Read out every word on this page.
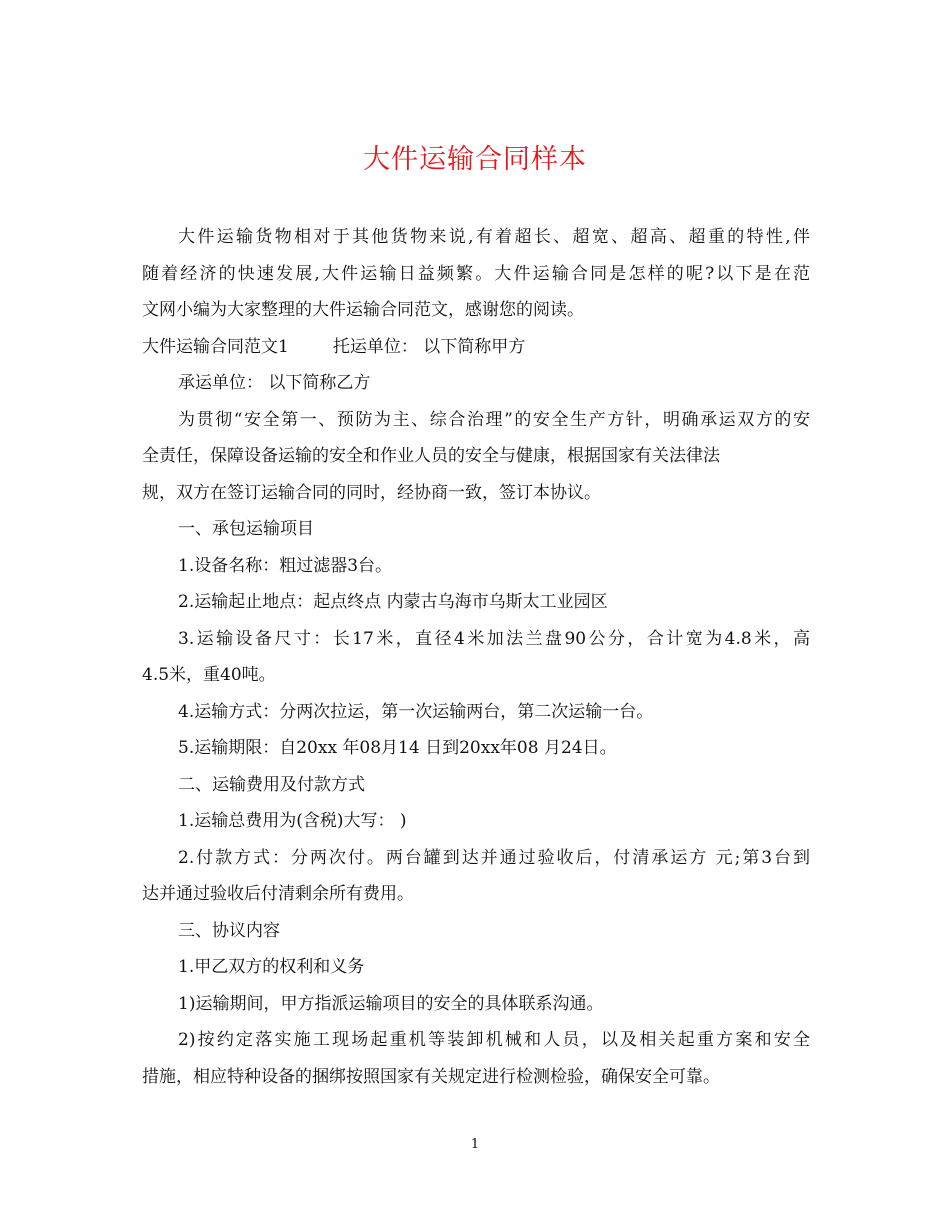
大件运输合同样本

大件运输货物相对于其他货物来说,有着超长、超宽、超高、超重的特性,伴

随着经济的快速发展,大件运输日益频繁。大件运输合同是怎样的呢?以下是在范

文网小编为大家整理的大件运输合同范文，感谢您的阅读。

大件运输合同范文1	托运单位： 以下简称甲方

承运单位： 以下简称乙方

为贯彻“安全第一、预防为主、综合治理”的安全生产方针，明确承运双方的安

全责任，保障设备运输的安全和作业人员的安全与健康，根据国家有关法律法

规，双方在签订运输合同的同时，经协商一致，签订本协议。

一、承包运输项目

1.设备名称：粗过滤器3台。

2.运输起止地点：起点终点 内蒙古乌海市乌斯太工业园区

3.运输设备尺寸：长17米，直径4米加法兰盘90公分，合计宽为4.8米，高

4.5米，重40吨。

4.运输方式：分两次拉运，第一次运输两台，第二次运输一台。

5.运输期限：自20xx 年08月14 日到20xx年08 月24日。

二、运输费用及付款方式

1.运输总费用为(含税)大写： )

2.付款方式：分两次付。两台罐到达并通过验收后，付清承运方 元;第3台到

达并通过验收后付清剩余所有费用。

三、协议内容

1.甲乙双方的权利和义务

1)运输期间，甲方指派运输项目的安全的具体联系沟通。

2)按约定落实施工现场起重机等装卸机械和人员，以及相关起重方案和安全

措施，相应特种设备的捆绑按照国家有关规定进行检测检验，确保安全可靠。

1
